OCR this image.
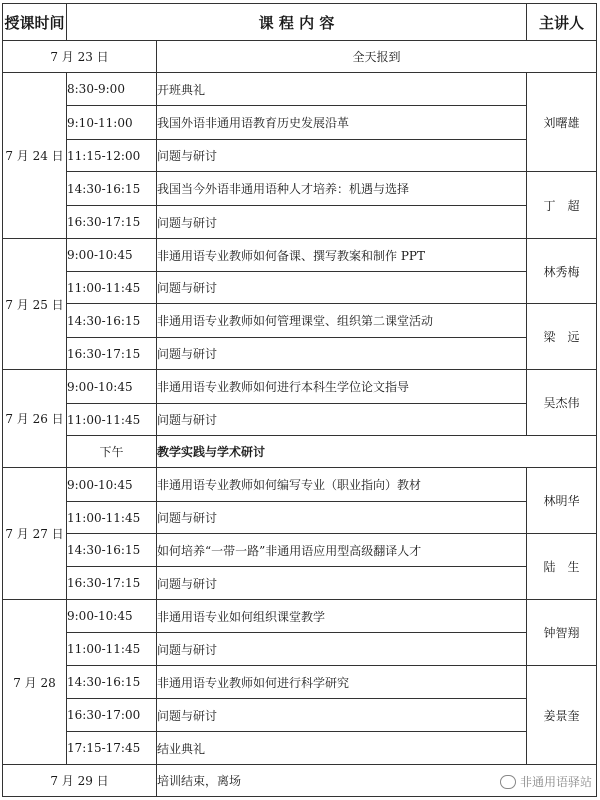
授课时间	课 程 内 容		主讲人
7 月 23 日		全天报到	
7 月 24 日	8:30-9:00	开班典礼	刘曙雄
	9:10-11:00	我国外语非通用语教育历史发展沿革	
	11:15-12:00	问题与研讨	
	14:30-16:15	我国当今外语非通用语种人才培养：机遇与选择	丁　超
	16:30-17:15	问题与研讨	
7 月 25 日	9:00-10:45	非通用语专业教师如何备课、撰写教案和制作 PPT	林秀梅
	11:00-11:45	问题与研讨	
	14:30-16:15	非通用语专业教师如何管理课堂、组织第二课堂活动	梁　远
	16:30-17:15	问题与研讨	
7 月 26 日	9:00-10:45	非通用语专业教师如何进行本科生学位论文指导	吴杰伟
	11:00-11:45	问题与研讨	
	下午	教学实践与学术研讨	
7 月 27 日	9:00-10:45	非通用语专业教师如何编写专业（职业指向）教材	林明华
	11:00-11:45	问题与研讨	
	14:30-16:15	如何培养“一带一路”非通用语应用型高级翻译人才	陆　生
	16:30-17:15	问题与研讨	
7 月 28	9:00-10:45	非通用语专业如何组织课堂教学	钟智翔
	11:00-11:45	问题与研讨	
	14:30-16:15	非通用语专业教师如何进行科学研究	姜景奎
	16:30-17:00	问题与研讨	
	17:15-17:45	结业典礼	
7 月 29 日		培训结束，离场		非通用语驿站
